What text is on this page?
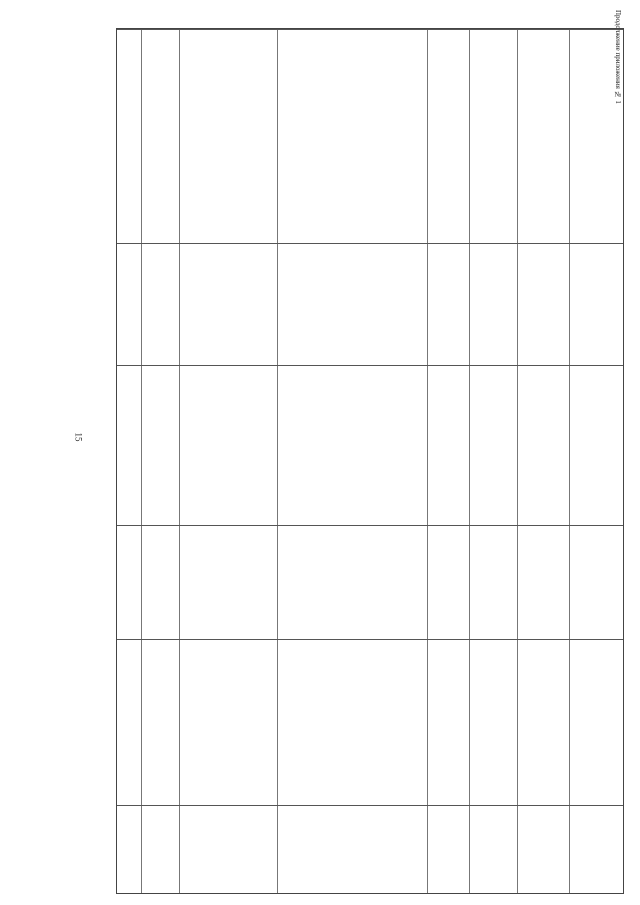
15
Продолжение приложения № 1
